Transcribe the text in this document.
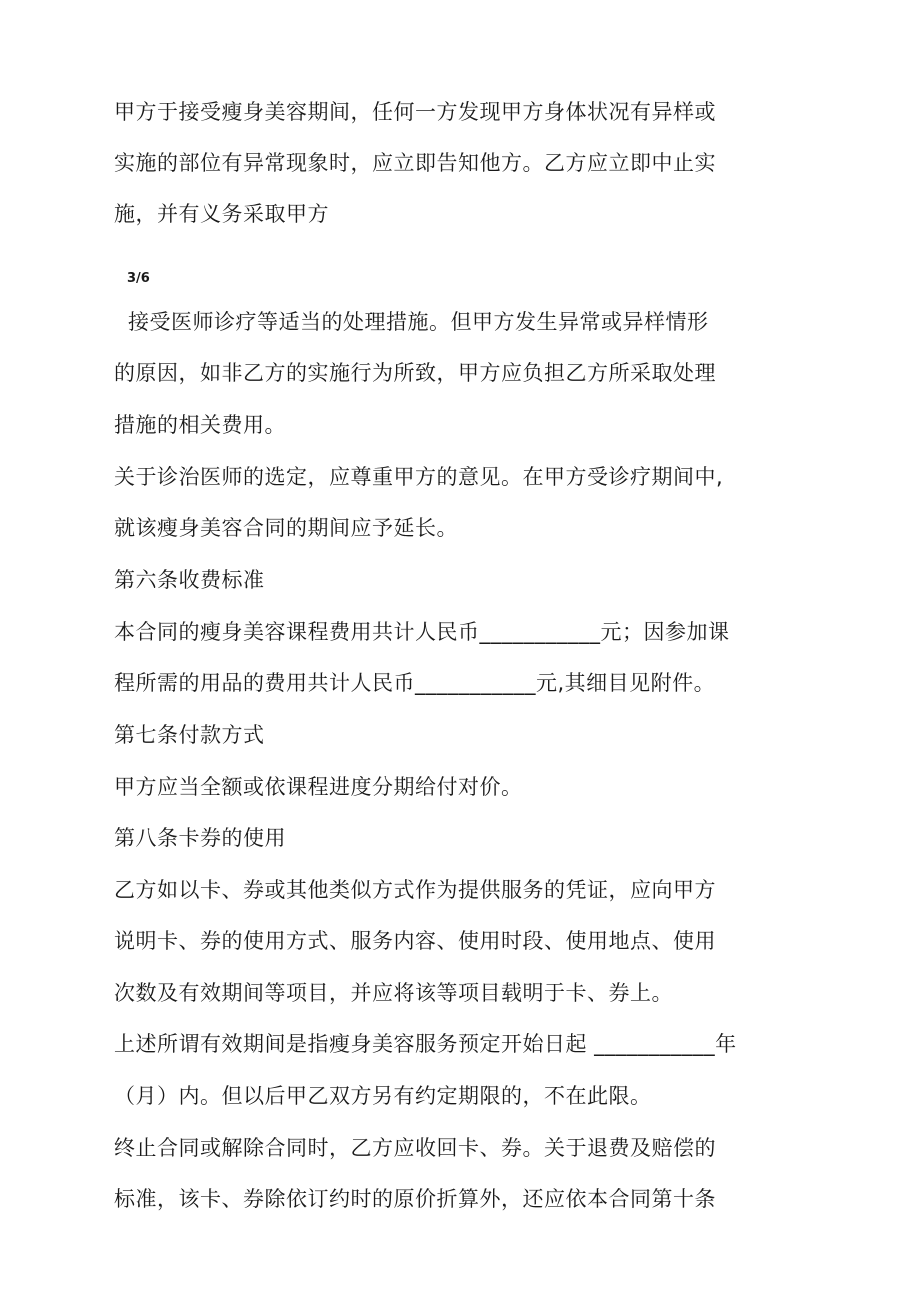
甲方于接受瘦身美容期间，任何一方发现甲方身体状况有异样或
实施的部位有异常现象时，应立即告知他方。乙方应立即中止实
施，并有义务采取甲方
3/6
接受医师诊疗等适当的处理措施。但甲方发生异常或异样情形
的原因，如非乙方的实施行为所致，甲方应负担乙方所采取处理
措施的相关费用。
关于诊治医师的选定，应尊重甲方的意见。在甲方受诊疗期间中,
就该瘦身美容合同的期间应予延长。
第六条收费标准
本合同的瘦身美容课程费用共计人民币___________元；因参加课
程所需的用品的费用共计人民币___________元,其细目见附件。
第七条付款方式
甲方应当全额或依课程进度分期给付对价。
第八条卡券的使用
乙方如以卡、券或其他类似方式作为提供服务的凭证，应向甲方
说明卡、券的使用方式、服务内容、使用时段、使用地点、使用
次数及有效期间等项目，并应将该等项目载明于卡、券上。
上述所谓有效期间是指瘦身美容服务预定开始日起 ___________年
（月）内。但以后甲乙双方另有约定期限的，不在此限。
终止合同或解除合同时，乙方应收回卡、券。关于退费及赔偿的
标准，该卡、券除依订约时的原价折算外，还应依本合同第十条
